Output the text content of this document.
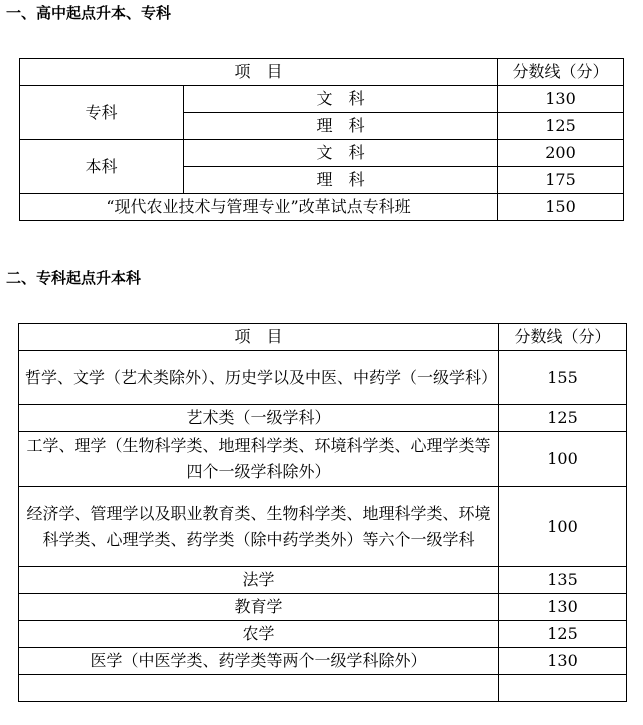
一、高中起点升本、专科
项　目		分数线（分）
专科	文　科	130
	理　科	125
本科	文　科	200
	理　科	175
“现代农业技术与管理专业”改革试点专科班		150
二、专科起点升本科
项　目	分数线（分）
哲学、文学（艺术类除外）、历史学以及中医、中药学（一级学科）	155
艺术类（一级学科）	125
工学、理学（生物科学类、地理科学类、环境科学类、心理学类等四个一级学科除外）	100
经济学、管理学以及职业教育类、生物科学类、地理科学类、环境科学类、心理学类、药学类（除中药学类外）等六个一级学科	100
法学	135
教育学	130
农学	125
医学（中医学类、药学类等两个一级学科除外）	130
